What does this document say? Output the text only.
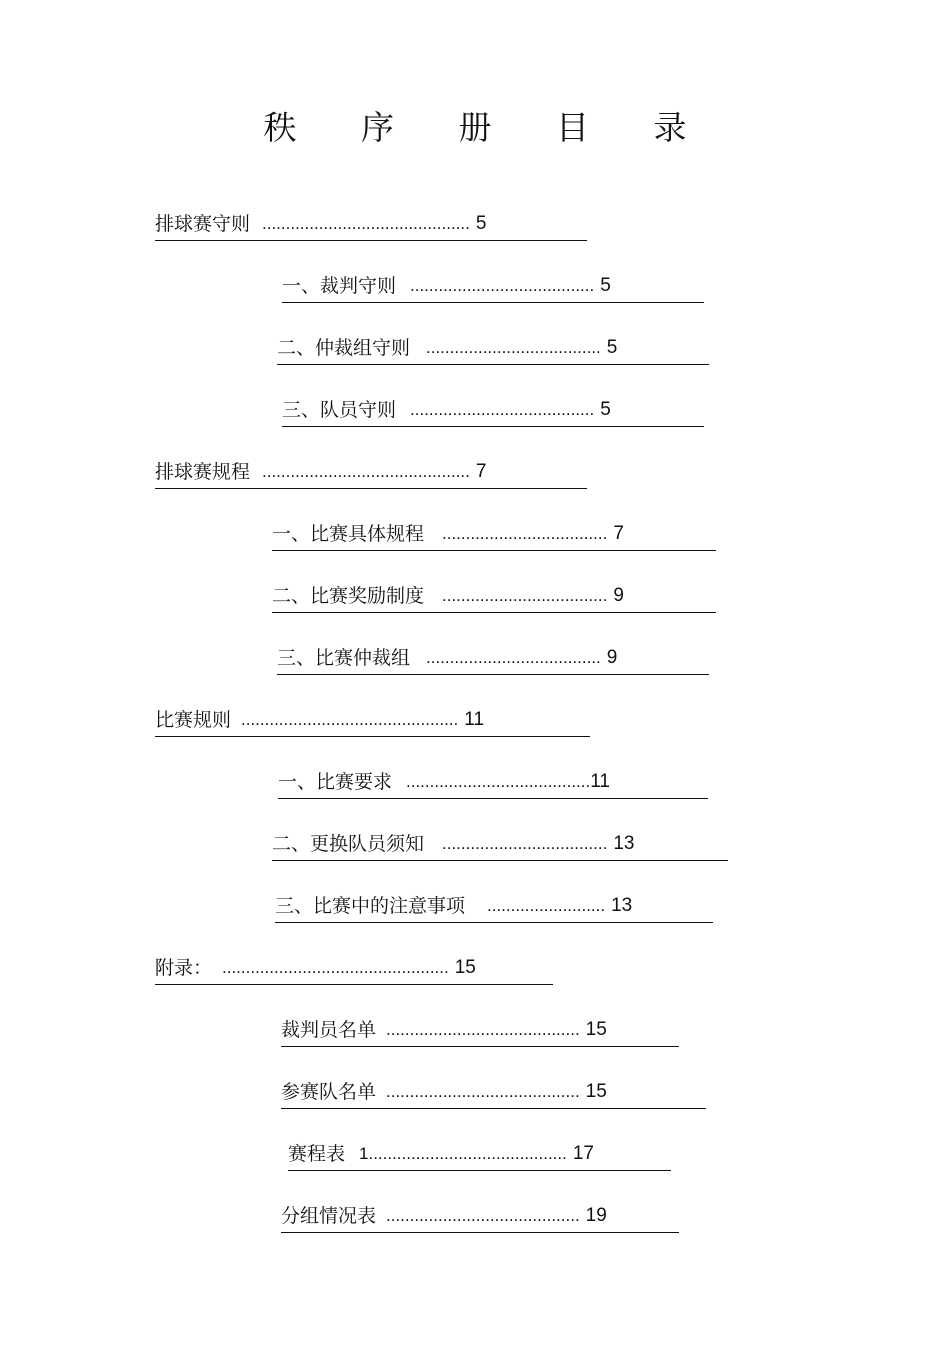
秩 序 册 目 录
排球赛守则 ............................................ 5
一、裁判守则 ....................................... 5
二、仲裁组守则 ..................................... 5
三、队员守则 ....................................... 5
排球赛规程 ............................................ 7
一、比赛具体规程 ................................... 7
二、比赛奖励制度 ................................... 9
三、比赛仲裁组 ..................................... 9
比赛规则 .............................................. 11
一、比赛要求 .......................................11
二、更换队员须知 ................................... 13
三、比赛中的注意事项 ......................... 13
附录： ................................................ 15
裁判员名单 ......................................... 15
参赛队名单 ......................................... 15
赛程表 1.......................................... 17
分组情况表 ......................................... 19
